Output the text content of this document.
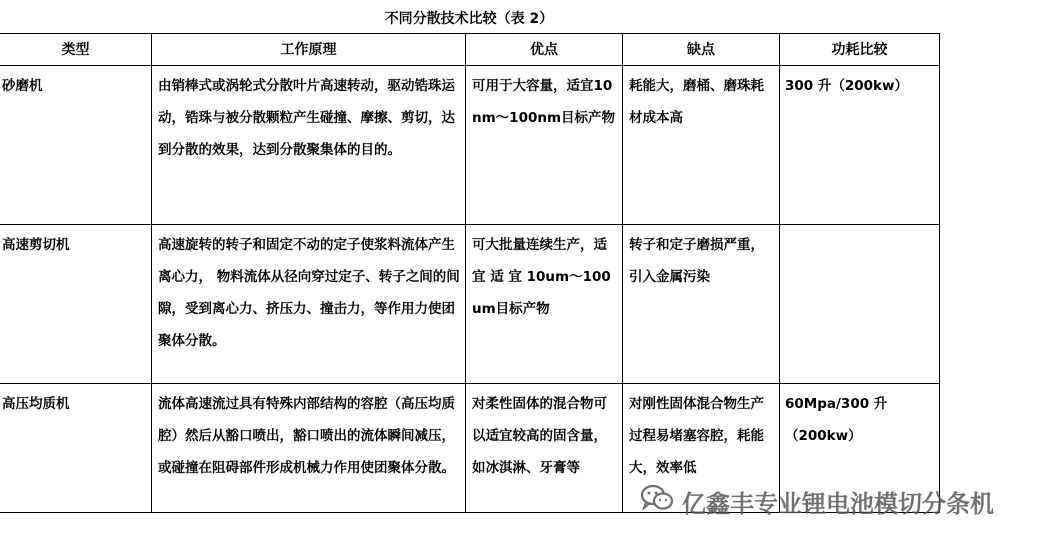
不同分散技术比较（表 2）
类型	工作原理	优点	缺点	功耗比较

砂磨机	由销棒式或涡轮式分散叶片高速转动，驱动锆珠运动，锆珠与被分散颗粒产生碰撞、摩擦、剪切，达到分散的效果，达到分散聚集体的目的。	可用于大容量，适宜10nm～100nm目标产物	耗能大，磨桶、磨珠耗材成本高	300 升（200kw）

高速剪切机	高速旋转的转子和固定不动的定子使浆料流体产生离心力， 物料流体从径向穿过定子、转子之间的间隙，受到离心力、挤压力、撞击力，等作用力使团聚体分散。	可大批量连续生产，适 宜 适 宜 10um～100um目标产物	转子和定子磨损严重，引入金属污染	

高压均质机	流体高速流过具有特殊内部结构的容腔（高压均质腔）然后从豁口喷出，豁口喷出的流体瞬间减压，或碰撞在阻碍部件形成机械力作用使团聚体分散。	对柔性固体的混合物可以适宜较高的固含量，如冰淇淋、牙膏等	对刚性固体混合物生产过程易堵塞容腔，耗能大，效率低	60Mpa/300 升（200kw）
亿鑫丰专业锂电池模切分条机
